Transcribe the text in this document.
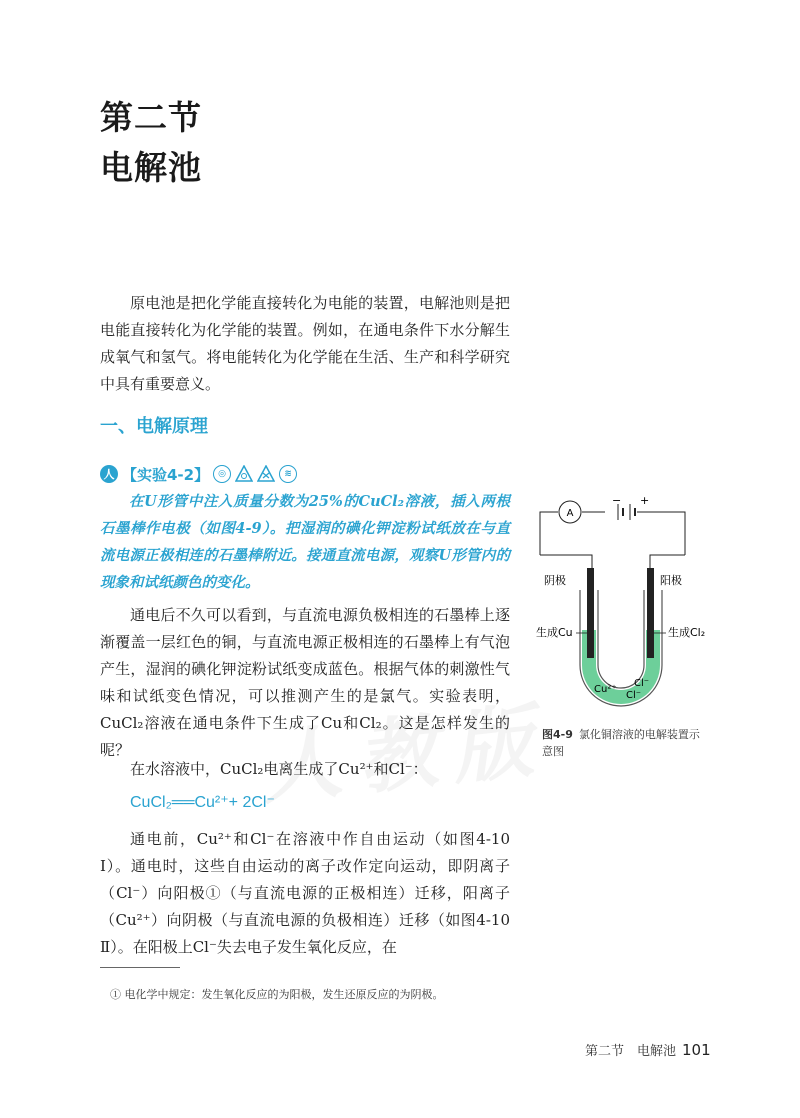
第二节
电解池

原电池是把化学能直接转化为电能的装置，电解池则是把电能直接转化为化学能的装置。例如，在通电条件下水分解生成氧气和氢气。将电能转化为化学能在生活、生产和科学研究中具有重要意义。

一、电解原理
人 【实验4-2】	◎	≋

在U形管中注入质量分数为25%的CuCl₂溶液，插入两根石墨棒作电极（如图4-9）。把湿润的碘化钾淀粉试纸放在与直流电源正极相连的石墨棒附近。接通直流电源，观察U形管内的现象和试纸颜色的变化。

通电后不久可以看到，与直流电源负极相连的石墨棒上逐渐覆盖一层红色的铜，与直流电源正极相连的石墨棒上有气泡产生，湿润的碘化钾淀粉试纸变成蓝色。根据气体的刺激性气味和试纸变色情况，可以推测产生的是氯气。实验表明，CuCl₂溶液在通电条件下生成了Cu和Cl₂。这是怎样发生的呢？

在水溶液中，CuCl₂电离生成了Cu²⁺和Cl⁻：

CuCl₂══Cu²⁺+ 2Cl⁻

通电前，Cu²⁺和Cl⁻在溶液中作自由运动（如图4-10 Ⅰ）。通电时，这些自由运动的离子改作定向运动，即阴离子（Cl⁻）向阳极①（与直流电源的正极相连）迁移，阳离子（Cu²⁺）向阴极（与直流电源的负极相连）迁移（如图4-10 Ⅱ）。在阳极上Cl⁻失去电子发生氧化反应，在

A
− +
阴极	阳极
生成Cu	生成Cl₂
Cu²⁺
Cl⁻
Cl⁻
图4-9 氯化铜溶液的电解装置示意图
① 电化学中规定：发生氧化反应的为阳极，发生还原反应的为阴极。
第二节　电解池 101
